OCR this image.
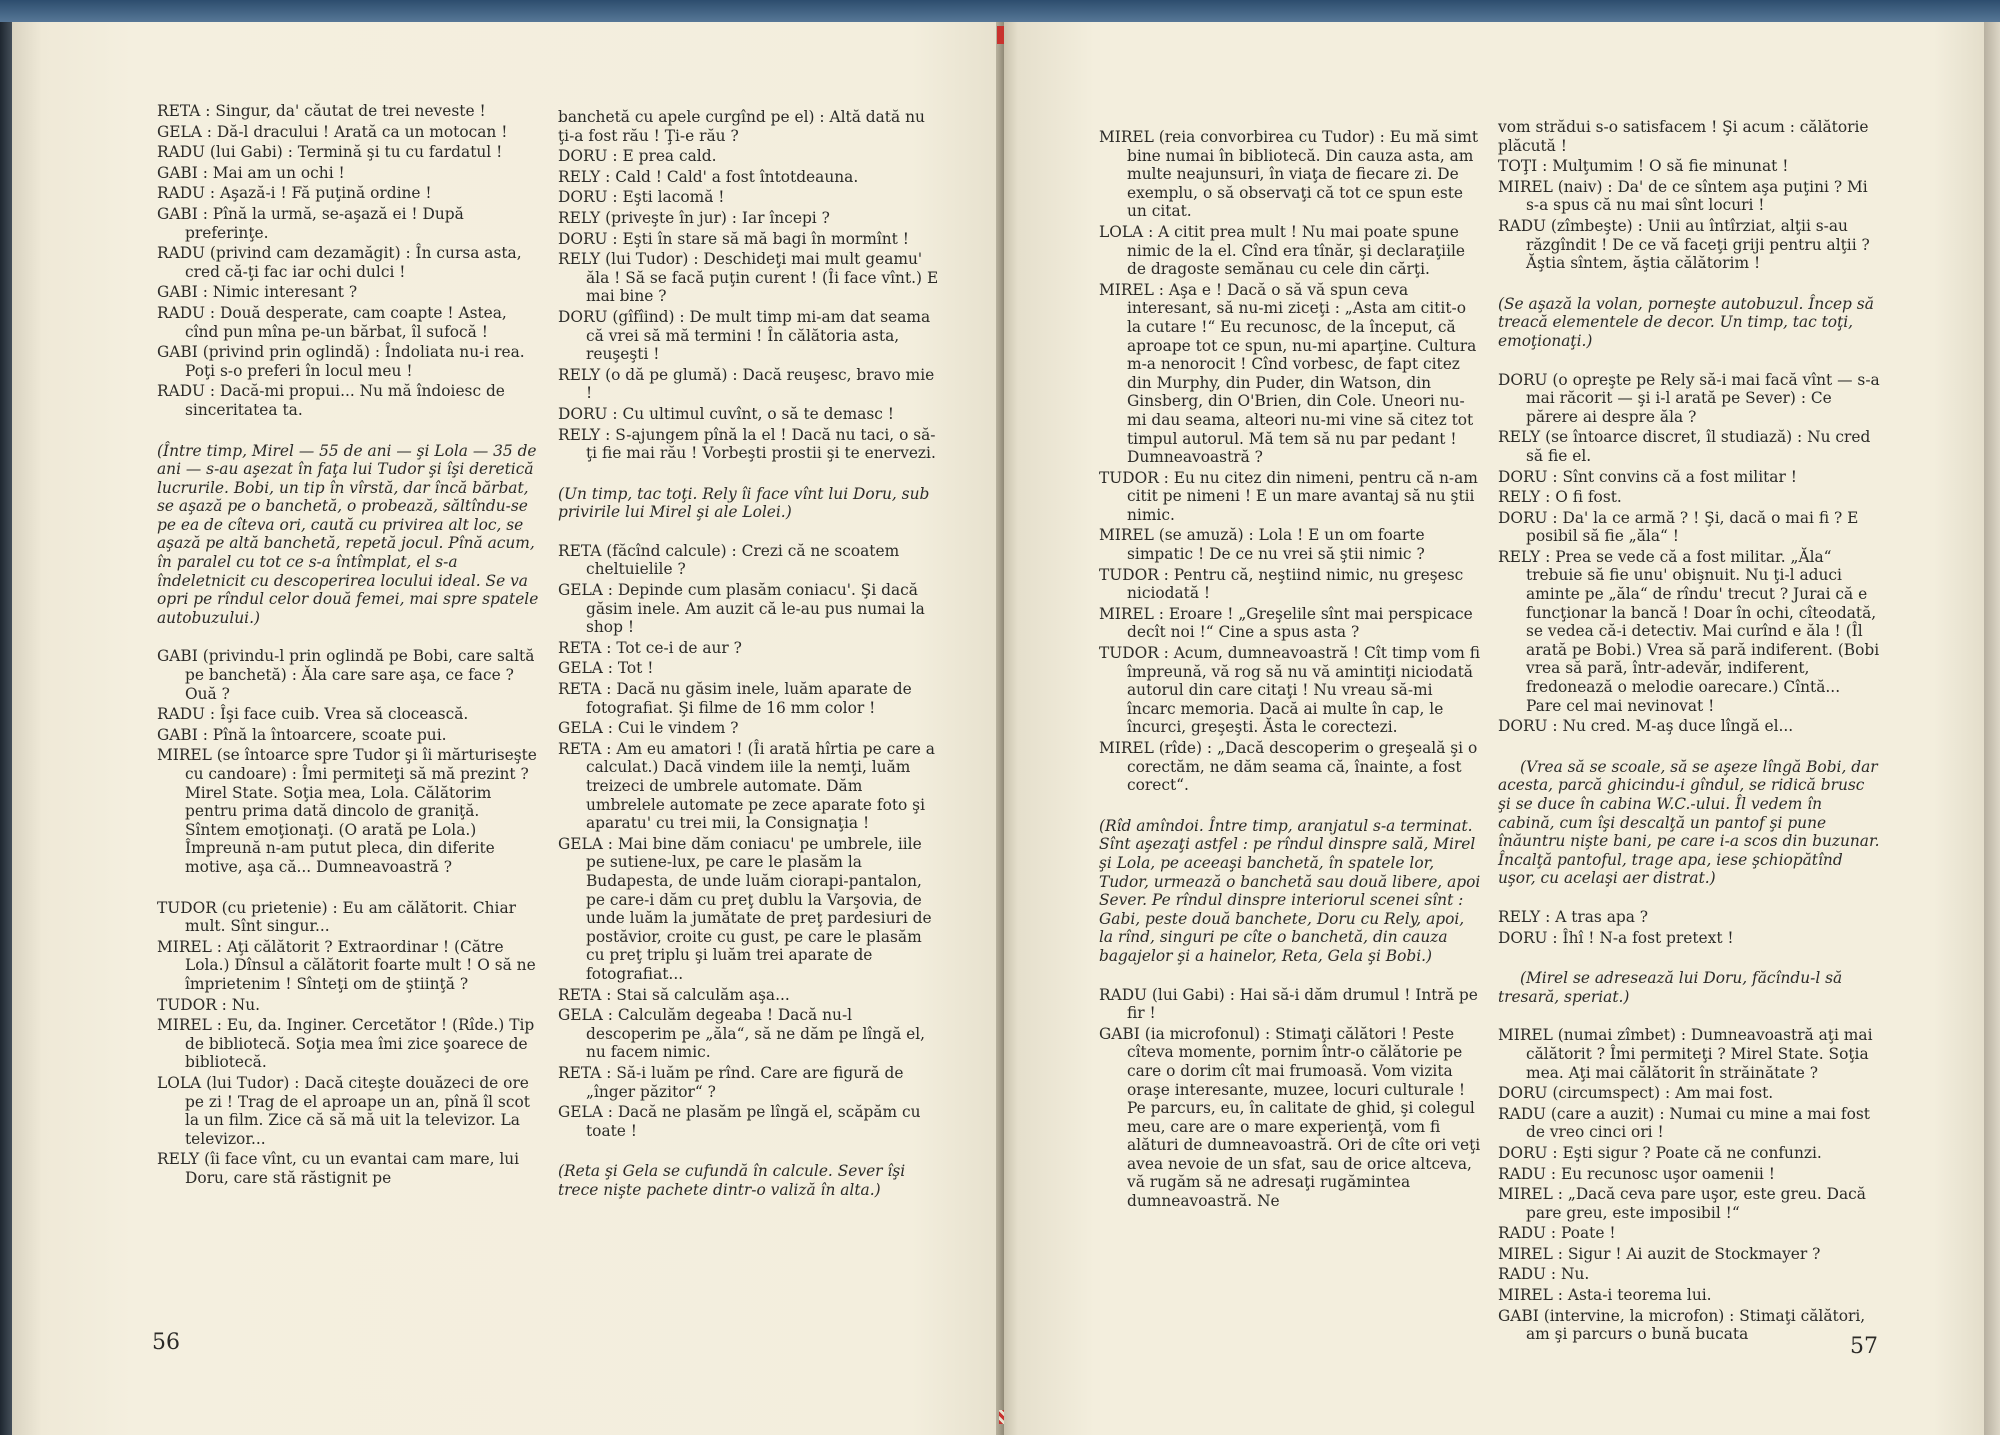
RETA : Singur, da' căutat de trei neveste !

GELA : Dă-l dracului ! Arată ca un motocan !

RADU (lui Gabi) : Termină şi tu cu fardatul !

GABI : Mai am un ochi !

RADU : Aşază-i ! Fă puţină ordine !

GABI : Pînă la urmă, se-aşază ei ! După preferinţe.

RADU (privind cam dezamăgit) : În cursa asta, cred că-ţi fac iar ochi dulci !

GABI : Nimic interesant ?

RADU : Două desperate, cam coapte ! Astea, cînd pun mîna pe-un bărbat, îl sufocă !

GABI (privind prin oglindă) : Îndoliata nu-i rea. Poţi s-o preferi în locul meu !

RADU : Dacă-mi propui... Nu mă îndoiesc de sinceritatea ta.

(Între timp, Mirel — 55 de ani — şi Lola — 35 de ani — s-au aşezat în faţa lui Tudor şi îşi deretică lucrurile. Bobi, un tip în vîrstă, dar încă bărbat, se aşază pe o banchetă, o probează, săltîndu-se pe ea de cîteva ori, caută cu privirea alt loc, se aşază pe altă banchetă, repetă jocul. Pînă acum, în paralel cu tot ce s-a întîmplat, el s-a îndeletnicit cu descoperirea locului ideal. Se va opri pe rîndul celor două femei, mai spre spatele autobuzului.)

GABI (privindu-l prin oglindă pe Bobi, care saltă pe banchetă) : Ăla care sare aşa, ce face ? Ouă ?

RADU : Îşi face cuib. Vrea să clocească.

GABI : Pînă la întoarcere, scoate pui.

MIREL (se întoarce spre Tudor şi îi mărturiseşte cu candoare) : Îmi permiteţi să mă prezint ? Mirel State. Soţia mea, Lola. Călătorim pentru prima dată dincolo de graniţă. Sîntem emoţionaţi. (O arată pe Lola.) Împreună n-am putut pleca, din diferite motive, aşa că... Dumneavoastră ?

TUDOR (cu prietenie) : Eu am călătorit. Chiar mult. Sînt singur...

MIREL : Aţi călătorit ? Extraordinar ! (Către Lola.) Dînsul a călătorit foarte mult ! O să ne împrietenim ! Sînteţi om de ştiinţă ?

TUDOR : Nu.

MIREL : Eu, da. Inginer. Cercetător ! (Rîde.) Tip de bibliotecă. Soţia mea îmi zice şoarece de bibliotecă.

LOLA (lui Tudor) : Dacă citeşte douăzeci de ore pe zi ! Trag de el aproape un an, pînă îl scot la un film. Zice că să mă uit la televizor. La televizor...

RELY (îi face vînt, cu un evantai cam mare, lui Doru, care stă răstignit pe

banchetă cu apele curgînd pe el) : Altă dată nu ţi-a fost rău ! Ţi-e rău ?

DORU : E prea cald.

RELY : Cald ! Cald' a fost întotdeauna.

DORU : Eşti lacomă !

RELY (priveşte în jur) : Iar începi ?

DORU : Eşti în stare să mă bagi în mormînt !

RELY (lui Tudor) : Deschideţi mai mult geamu' ăla ! Să se facă puţin curent ! (Îi face vînt.) E mai bine ?

DORU (gîfîind) : De mult timp mi-am dat seama că vrei să mă termini ! În călătoria asta, reuşeşti !

RELY (o dă pe glumă) : Dacă reuşesc, bravo mie !

DORU : Cu ultimul cuvînt, o să te demasc !

RELY : S-ajungem pînă la el ! Dacă nu taci, o să-ţi fie mai rău ! Vorbeşti prostii şi te enervezi.

(Un timp, tac toţi. Rely îi face vînt lui Doru, sub privirile lui Mirel şi ale Lolei.)

RETA (făcînd calcule) : Crezi că ne scoatem cheltuielile ?

GELA : Depinde cum plasăm coniacu'. Şi dacă găsim inele. Am auzit că le-au pus numai la shop !

RETA : Tot ce-i de aur ?

GELA : Tot !

RETA : Dacă nu găsim inele, luăm aparate de fotografiat. Şi filme de 16 mm color !

GELA : Cui le vindem ?

RETA : Am eu amatori ! (Îi arată hîrtia pe care a calculat.) Dacă vindem iile la nemţi, luăm treizeci de umbrele automate. Dăm umbrelele automate pe zece aparate foto şi aparatu' cu trei mii, la Consignaţia !

GELA : Mai bine dăm coniacu' pe umbrele, iile pe sutiene-lux, pe care le plasăm la Budapesta, de unde luăm ciorapi-pantalon, pe care-i dăm cu preţ dublu la Varşovia, de unde luăm la jumătate de preţ pardesiuri de postăvior, croite cu gust, pe care le plasăm cu preţ triplu şi luăm trei aparate de fotografiat...

RETA : Stai să calculăm aşa...

GELA : Calculăm degeaba ! Dacă nu-l descoperim pe „ăla“, să ne dăm pe lîngă el, nu facem nimic.

RETA : Să-i luăm pe rînd. Care are figură de „înger păzitor“ ?

GELA : Dacă ne plasăm pe lîngă el, scăpăm cu toate !

(Reta şi Gela se cufundă în calcule. Sever îşi trece nişte pachete dintr-o valiză în alta.)

56

MIREL (reia convorbirea cu Tudor) : Eu mă simt bine numai în bibliotecă. Din cauza asta, am multe neajunsuri, în viaţa de fiecare zi. De exemplu, o să observaţi că tot ce spun este un citat.

LOLA : A citit prea mult ! Nu mai poate spune nimic de la el. Cînd era tînăr, şi declaraţiile de dragoste semănau cu cele din cărţi.

MIREL : Aşa e ! Dacă o să vă spun ceva interesant, să nu-mi ziceţi : „Asta am citit-o la cutare !“ Eu recunosc, de la început, că aproape tot ce spun, nu-mi aparţine. Cultura m-a nenorocit ! Cînd vorbesc, de fapt citez din Murphy, din Puder, din Watson, din Ginsberg, din O'Brien, din Cole. Uneori nu-mi dau seama, alteori nu-mi vine să citez tot timpul autorul. Mă tem să nu par pedant ! Dumneavoastră ?

TUDOR : Eu nu citez din nimeni, pentru că n-am citit pe nimeni ! E un mare avantaj să nu ştii nimic.

MIREL (se amuză) : Lola ! E un om foarte simpatic ! De ce nu vrei să ştii nimic ?

TUDOR : Pentru că, neştiind nimic, nu greşesc niciodată !

MIREL : Eroare ! „Greşelile sînt mai perspicace decît noi !“ Cine a spus asta ?

TUDOR : Acum, dumneavoastră ! Cît timp vom fi împreună, vă rog să nu vă amintiţi niciodată autorul din care citaţi ! Nu vreau să-mi încarc memoria. Dacă ai multe în cap, le încurci, greşeşti. Ăsta le corectezi.

MIREL (rîde) : „Dacă descoperim o greşeală şi o corectăm, ne dăm seama că, înainte, a fost corect“.

(Rîd amîndoi. Între timp, aranjatul s-a terminat. Sînt aşezaţi astfel : pe rîndul dinspre sală, Mirel şi Lola, pe aceeaşi banchetă, în spatele lor, Tudor, urmează o banchetă sau două libere, apoi Sever. Pe rîndul dinspre interiorul scenei sînt : Gabi, peste două banchete, Doru cu Rely, apoi, la rînd, singuri pe cîte o banchetă, din cauza bagajelor şi a hainelor, Reta, Gela şi Bobi.)

RADU (lui Gabi) : Hai să-i dăm drumul ! Intră pe fir !

GABI (ia microfonul) : Stimaţi călători ! Peste cîteva momente, pornim într-o călătorie pe care o dorim cît mai frumoasă. Vom vizita oraşe interesante, muzee, locuri culturale ! Pe parcurs, eu, în calitate de ghid, şi colegul meu, care are o mare experienţă, vom fi alături de dumneavoastră. Ori de cîte ori veţi avea nevoie de un sfat, sau de orice altceva, vă rugăm să ne adresaţi rugămintea dumneavoastră. Ne

vom strădui s-o satisfacem ! Şi acum : călătorie plăcută !

TOŢI : Mulţumim ! O să fie minunat !

MIREL (naiv) : Da' de ce sîntem aşa puţini ? Mi s-a spus că nu mai sînt locuri !

RADU (zîmbeşte) : Unii au întîrziat, alţii s-au răzgîndit ! De ce vă faceţi griji pentru alţii ? Ăştia sîntem, ăştia călătorim !

(Se aşază la volan, porneşte autobuzul. Încep să treacă elementele de decor. Un timp, tac toţi, emoţionaţi.)

DORU (o opreşte pe Rely să-i mai facă vînt — s-a mai răcorit — şi i-l arată pe Sever) : Ce părere ai despre ăla ?

RELY (se întoarce discret, îl studiază) : Nu cred să fie el.

DORU : Sînt convins că a fost militar !

RELY : O fi fost.

DORU : Da' la ce armă ? ! Şi, dacă o mai fi ? E posibil să fie „ăla“ !

RELY : Prea se vede că a fost militar. „Ăla“ trebuie să fie unu' obişnuit. Nu ţi-l aduci aminte pe „ăla“ de rîndu' trecut ? Jurai că e funcţionar la bancă ! Doar în ochi, cîteodată, se vedea că-i detectiv. Mai curînd e ăla ! (Îl arată pe Bobi.) Vrea să pară indiferent. (Bobi vrea să pară, într-adevăr, indiferent, fredonează o melodie oarecare.) Cîntă... Pare cel mai nevinovat !

DORU : Nu cred. M-aş duce lîngă el...

(Vrea să se scoale, să se aşeze lîngă Bobi, dar acesta, parcă ghicindu-i gîndul, se ridică brusc şi se duce în cabina W.C.-ului. Îl vedem în cabină, cum îşi descalţă un pantof şi pune înăuntru nişte bani, pe care i-a scos din buzunar. Încalţă pantoful, trage apa, iese şchiopătînd uşor, cu acelaşi aer distrat.)

RELY : A tras apa ?

DORU : Îhî ! N-a fost pretext !

(Mirel se adresează lui Doru, făcîndu-l să tresară, speriat.)

MIREL (numai zîmbet) : Dumneavoastră aţi mai călătorit ? Îmi permiteţi ? Mirel State. Soţia mea. Aţi mai călătorit în străinătate ?

DORU (circumspect) : Am mai fost.

RADU (care a auzit) : Numai cu mine a mai fost de vreo cinci ori !

DORU : Eşti sigur ? Poate că ne confunzi.

RADU : Eu recunosc uşor oamenii !

MIREL : „Dacă ceva pare uşor, este greu. Dacă pare greu, este imposibil !“

RADU : Poate !

MIREL : Sigur ! Ai auzit de Stockmayer ?

RADU : Nu.

MIREL : Asta-i teorema lui.

GABI (intervine, la microfon) : Stimaţi călători, am şi parcurs o bună bucata	57
